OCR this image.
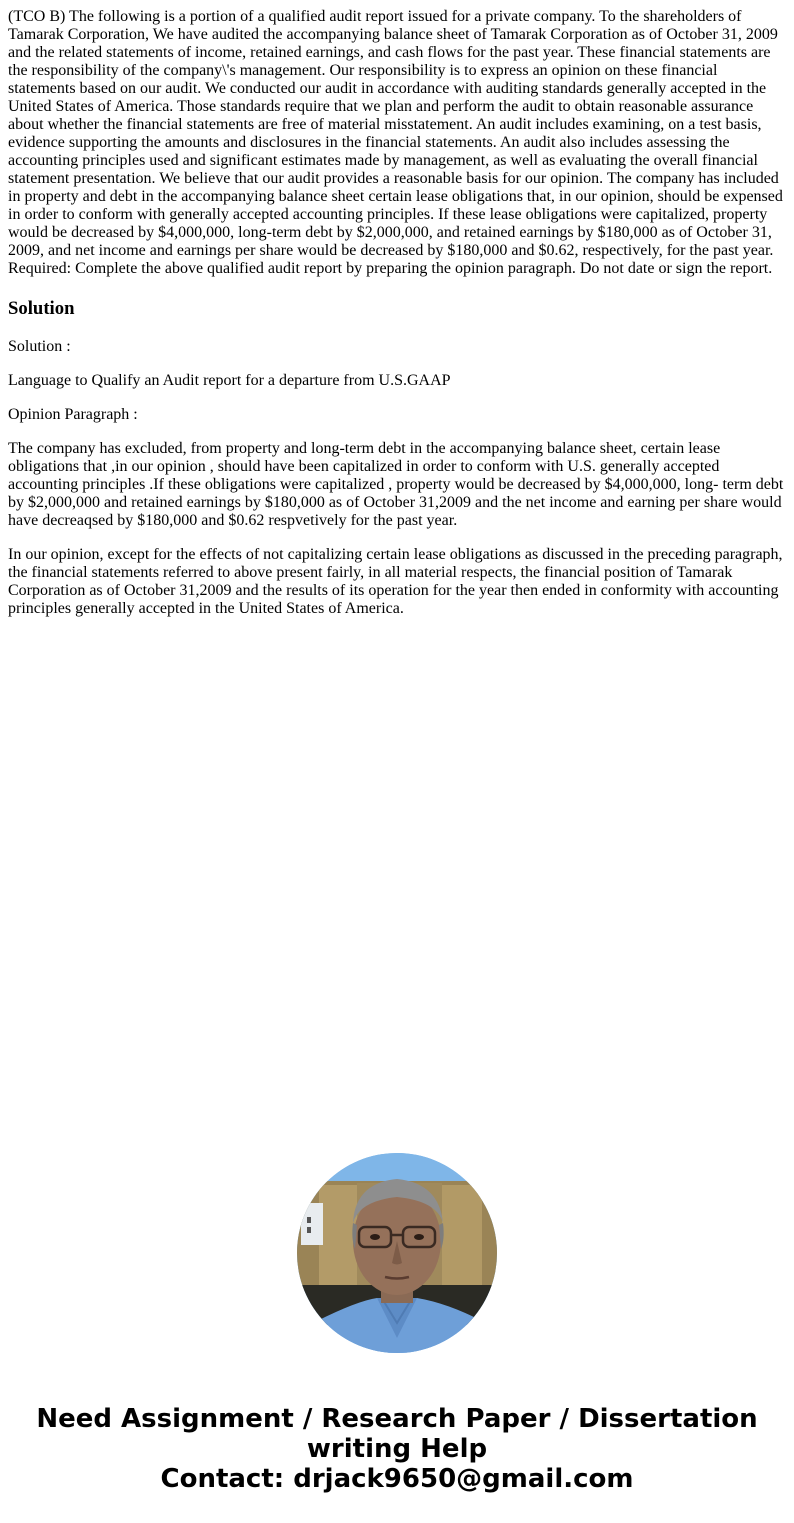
(TCO B) The following is a portion of a qualified audit report issued for a private company. To the shareholders of Tamarak Corporation, We have audited the accompanying balance sheet of Tamarak Corporation as of October 31, 2009 and the related statements of income, retained earnings, and cash flows for the past year. These financial statements are the responsibility of the company\'s management. Our responsibility is to express an opinion on these financial statements based on our audit. We conducted our audit in accordance with auditing standards generally accepted in the United States of America. Those standards require that we plan and perform the audit to obtain reasonable assurance about whether the financial statements are free of material misstatement. An audit includes examining, on a test basis, evidence supporting the amounts and disclosures in the financial statements. An audit also includes assessing the accounting principles used and significant estimates made by management, as well as evaluating the overall financial statement presentation. We believe that our audit provides a reasonable basis for our opinion. The company has included in property and debt in the accompanying balance sheet certain lease obligations that, in our opinion, should be expensed in order to conform with generally accepted accounting principles. If these lease obligations were capitalized, property would be decreased by $4,000,000, long-term debt by $2,000,000, and retained earnings by $180,000 as of October 31, 2009, and net income and earnings per share would be decreased by $180,000 and $0.62, respectively, for the past year. Required: Complete the above qualified audit report by preparing the opinion paragraph. Do not date or sign the report.

Solution

Solution :

Language to Qualify an Audit report for a departure from U.S.GAAP

Opinion Paragraph :

The company has excluded, from property and long-term debt in the accompanying balance sheet, certain lease obligations that ,in our opinion , should have been capitalized in order to conform with U.S. generally accepted accounting principles .If these obligations were capitalized , property would be decreased by $4,000,000, long- term debt by $2,000,000 and retained earnings by $180,000 as of October 31,2009 and the net income and earning per share would have decreaqsed by $180,000 and $0.62 respvetively for the past year.

In our opinion, except for the effects of not capitalizing certain lease obligations as discussed in the preceding paragraph, the financial statements referred to above present fairly, in all material respects, the financial position of Tamarak Corporation as of October 31,2009 and the results of its operation for the year then ended in conformity with accounting principles generally accepted in the United States of America.

Need Assignment / Research Paper / Dissertation
writing Help
Contact: drjack9650@gmail.com
